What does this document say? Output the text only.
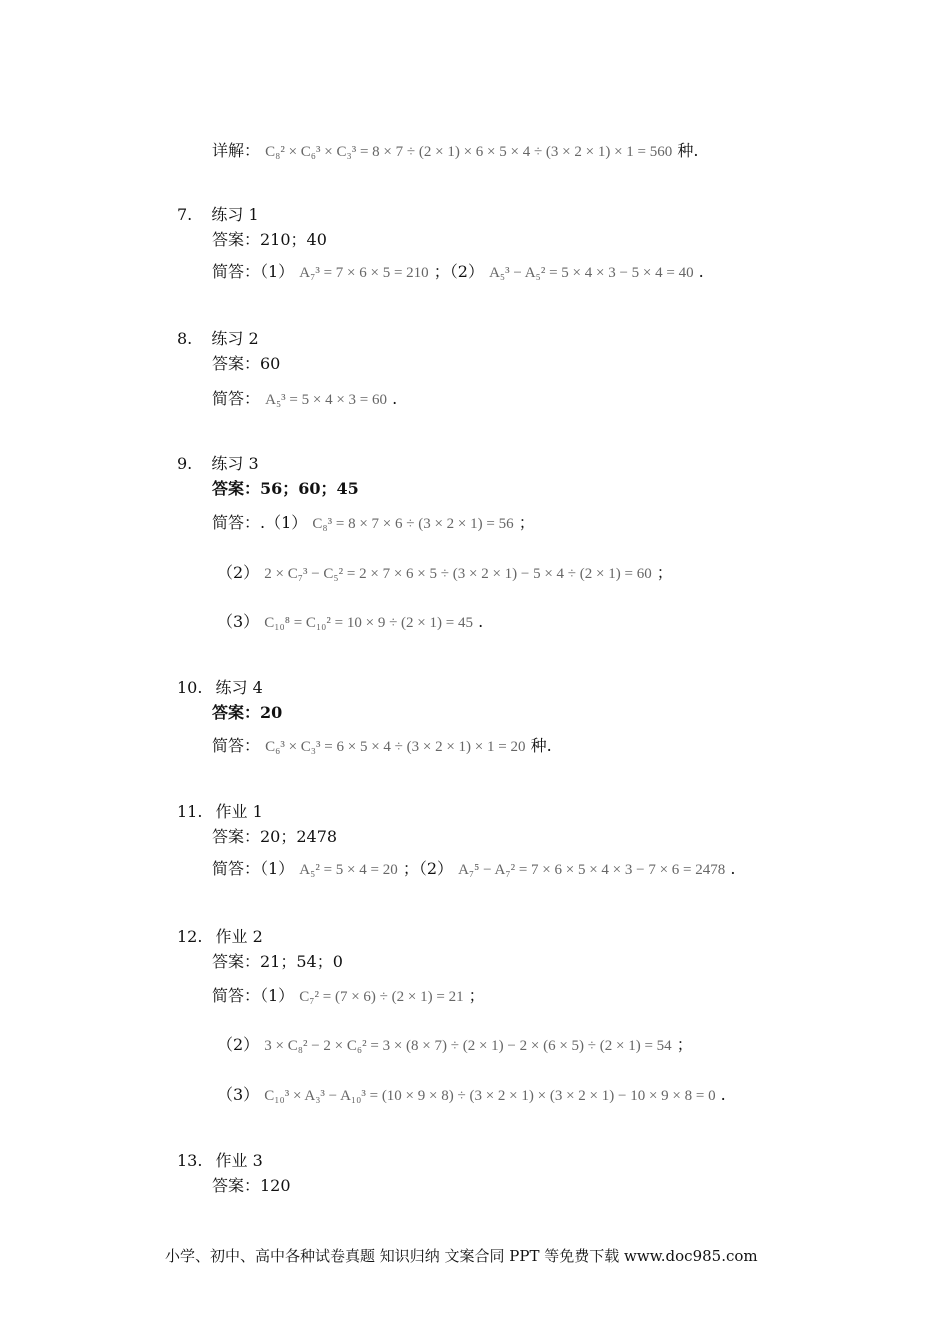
详解： C₈² × C₆³ × C₃³ = 8 × 7 ÷ (2 × 1) × 6 × 5 × 4 ÷ (3 × 2 × 1) × 1 = 560 种.
7. 练习 1
答案：210；40
简答：（1） A₇³ = 7 × 6 × 5 = 210 ；（2） A₅³ − A₅² = 5 × 4 × 3 − 5 × 4 = 40 .
8. 练习 2
答案：60
简答： A₅³ = 5 × 4 × 3 = 60 .
9. 练习 3
答案：56；60；45
简答：.（1） C₈³ = 8 × 7 × 6 ÷ (3 × 2 × 1) = 56 ；
（2） 2 × C₇³ − C₅² = 2 × 7 × 6 × 5 ÷ (3 × 2 × 1) − 5 × 4 ÷ (2 × 1) = 60 ；
（3） C₁₀⁸ = C₁₀² = 10 × 9 ÷ (2 × 1) = 45 .
10. 练习 4
答案：20
简答： C₆³ × C₃³ = 6 × 5 × 4 ÷ (3 × 2 × 1) × 1 = 20 种.
11. 作业 1
答案：20；2478
简答：（1） A₅² = 5 × 4 = 20 ；（2） A₇⁵ − A₇² = 7 × 6 × 5 × 4 × 3 − 7 × 6 = 2478 .
12. 作业 2
答案：21；54；0
简答：（1） C₇² = (7 × 6) ÷ (2 × 1) = 21 ；
（2） 3 × C₈² − 2 × C₆² = 3 × (8 × 7) ÷ (2 × 1) − 2 × (6 × 5) ÷ (2 × 1) = 54 ；
（3） C₁₀³ × A₃³ − A₁₀³ = (10 × 9 × 8) ÷ (3 × 2 × 1) × (3 × 2 × 1) − 10 × 9 × 8 = 0 .
13. 作业 3
答案：120
小学、初中、高中各种试卷真题 知识归纳 文案合同 PPT 等免费下载 www.doc985.com
